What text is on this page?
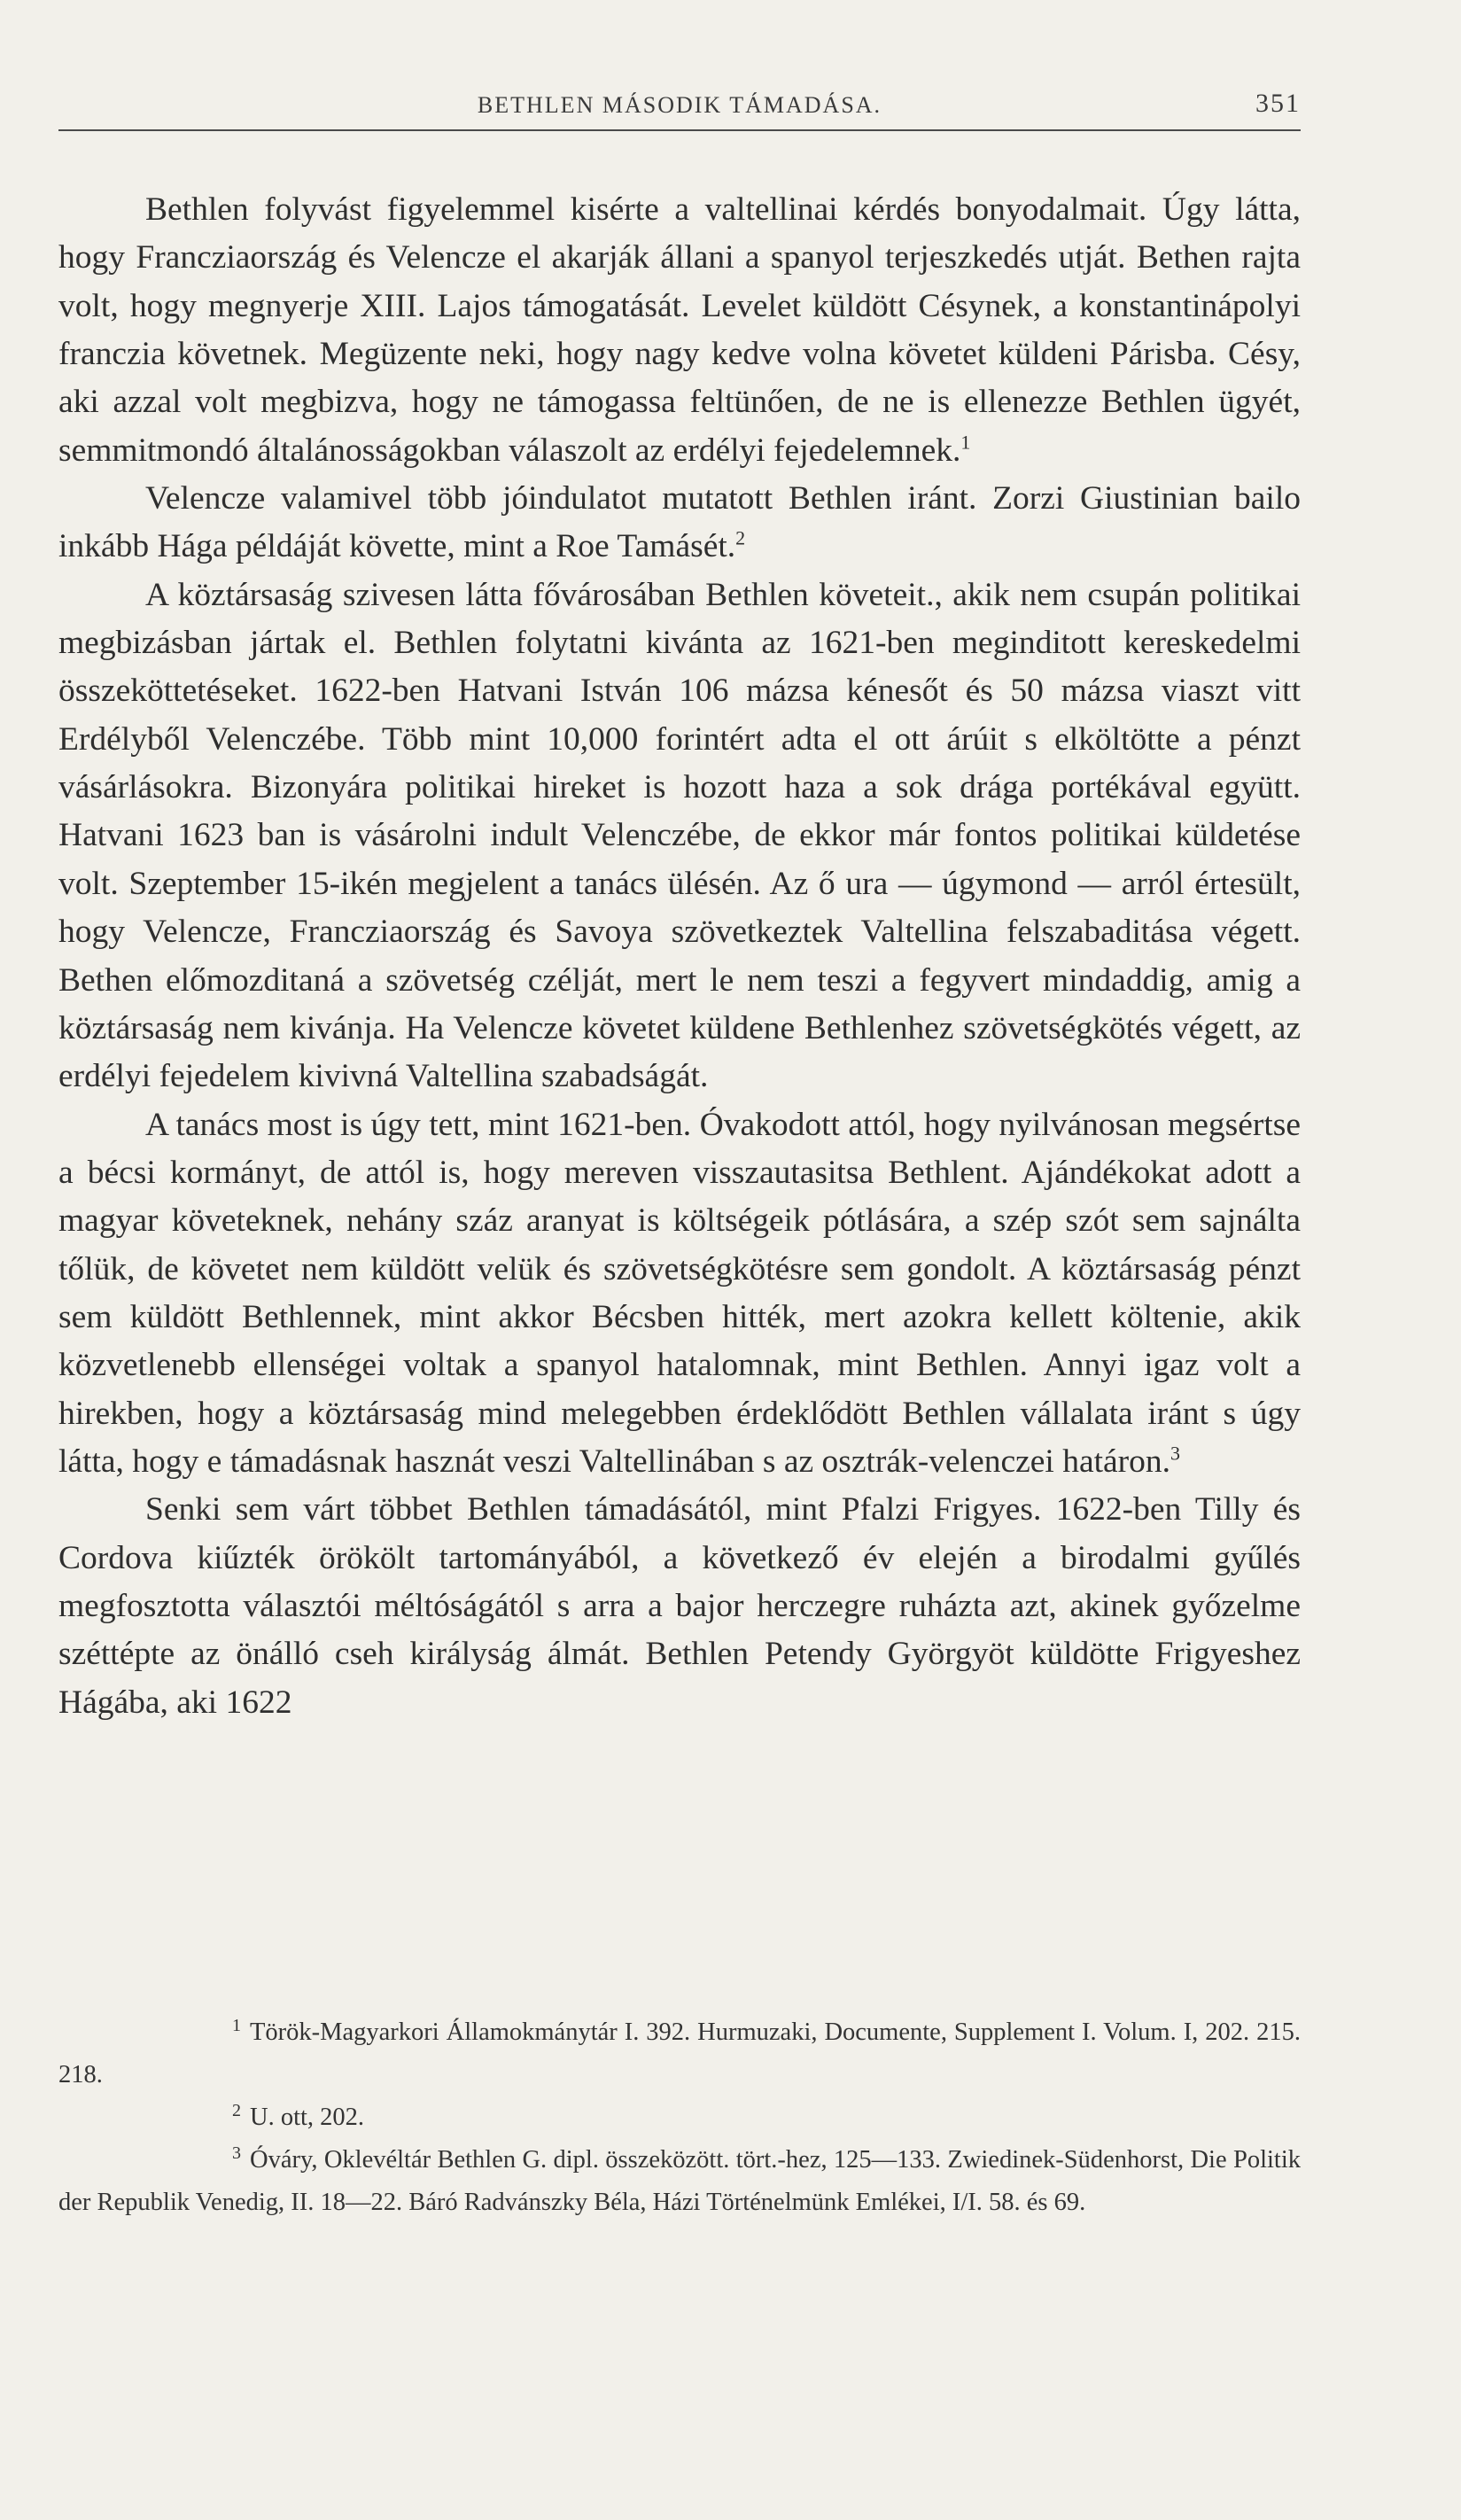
BETHLEN MÁSODIK TÁMADÁSA.	351

Bethlen folyvást figyelemmel kisérte a valtellinai kérdés bonyodalmait. Úgy látta, hogy Francziaország és Velencze el akarják állani a spanyol terjeszkedés utját. Bethen rajta volt, hogy megnyerje XIII. Lajos támogatását. Levelet küldött Césynek, a konstantinápolyi franczia követnek. Megüzente neki, hogy nagy kedve volna követet küldeni Párisba. Césy, aki azzal volt megbizva, hogy ne támogassa feltünően, de ne is ellenezze Bethlen ügyét, semmitmondó általánosságokban válaszolt az erdélyi fejedelemnek.$^1$

Velencze valamivel több jóindulatot mutatott Bethlen iránt. Zorzi Giustinian bailo inkább Hága példáját követte, mint a Roe Tamásét.$^2$

A köztársaság szivesen látta fővárosában Bethlen követeit., akik nem csupán politikai megbizásban jártak el. Bethlen folytatni kivánta az 1621-ben meginditott kereskedelmi összeköttetéseket. 1622-ben Hatvani István 106 mázsa kénesőt és 50 mázsa viaszt vitt Erdélyből Velenczébe. Több mint 10,000 forintért adta el ott árúit s elköltötte a pénzt vásárlásokra. Bizonyára politikai hireket is hozott haza a sok drága portékával együtt. Hatvani 1623 ban is vásárolni indult Velenczébe, de ekkor már fontos politikai küldetése volt. Szeptember 15-ikén megjelent a tanács ülésén. Az ő ura — úgymond — arról értesült, hogy Velencze, Francziaország és Savoya szövetkeztek Valtellina felszabaditása végett. Bethen előmozditaná a szövetség czélját, mert le nem teszi a fegyvert mindaddig, amig a köztársaság nem kivánja. Ha Velencze követet küldene Bethlenhez szövetségkötés végett, az erdélyi fejedelem kivivná Valtellina szabadságát.

A tanács most is úgy tett, mint 1621-ben. Óvakodott attól, hogy nyilvánosan megsértse a bécsi kormányt, de attól is, hogy mereven visszautasitsa Bethlent. Ajándékokat adott a magyar követeknek, nehány száz aranyat is költségeik pótlására, a szép szót sem sajnálta tőlük, de követet nem küldött velük és szövetségkötésre sem gondolt. A köztársaság pénzt sem küldött Bethlennek, mint akkor Bécsben hitték, mert azokra kellett költenie, akik közvetlenebb ellenségei voltak a spanyol hatalomnak, mint Bethlen. Annyi igaz volt a hirekben, hogy a köztársaság mind melegebben érdeklődött Bethlen vállalata iránt s úgy látta, hogy e támadásnak hasznát veszi Valtellinában s az osztrák-velenczei határon.$^3$

Senki sem várt többet Bethlen támadásától, mint Pfalzi Frigyes. 1622-ben Tilly és Cordova kiűzték örökölt tartományából, a következő év elején a birodalmi gyűlés megfosztotta választói méltóságától s arra a bajor herczegre ruházta azt, akinek győzelme széttépte az önálló cseh királyság álmát. Bethlen Petendy Györgyöt küldötte Frigyeshez Hágába, aki 1622

1 Török-Magyarkori Államokmánytár I. 392. Hurmuzaki, Documente, Supplement I. Volum. I, 202. 215. 218.

2 U. ott, 202.

3 Óváry, Oklevéltár Bethlen G. dipl. összeközött. tört.-hez, 125—133. Zwiedinek-Südenhorst, Die Politik der Republik Venedig, II. 18—22. Báró Radvánszky Béla, Házi Történelmünk Emlékei, I/I. 58. és 69.
